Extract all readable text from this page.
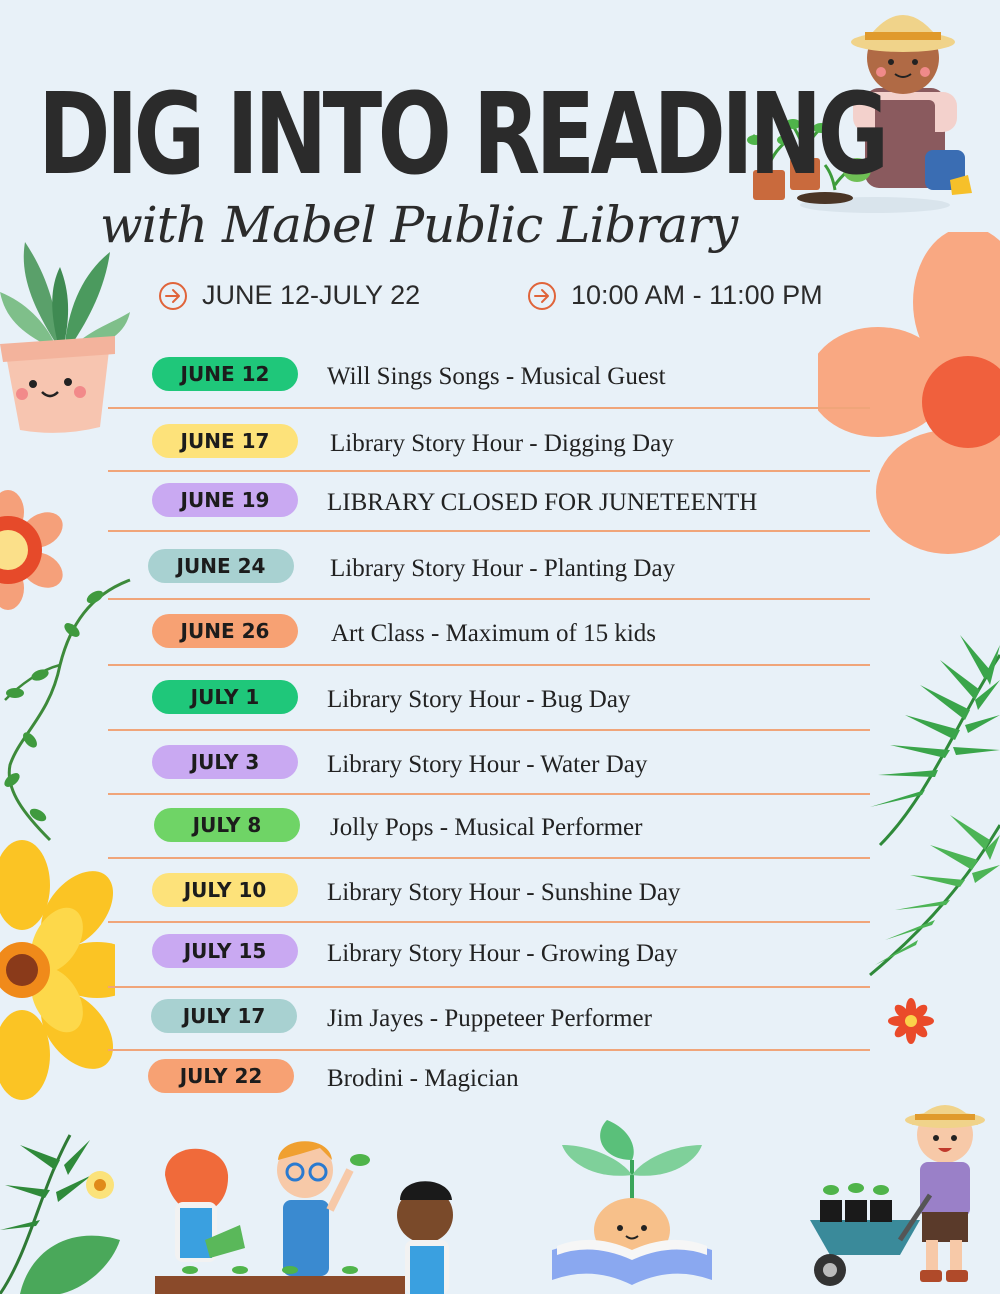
DIG INTO READING
with Mabel Public Library
JUNE 12-JULY 22	10:00 AM - 11:00 PM
JUNE 12	Will Sings Songs - Musical Guest
JUNE 17	Library Story Hour - Digging Day
JUNE 19	LIBRARY CLOSED FOR JUNETEENTH
JUNE 24	Library Story Hour - Planting Day
JUNE 26	Art Class - Maximum of 15 kids
JULY 1	Library Story Hour - Bug Day
JULY 3	Library Story Hour - Water Day
JULY 8	Jolly Pops - Musical Performer
JULY 10	Library Story Hour - Sunshine Day
JULY 15	Library Story Hour - Growing Day
JULY 17	Jim Jayes - Puppeteer Performer
JULY 22	Brodini - Magician
